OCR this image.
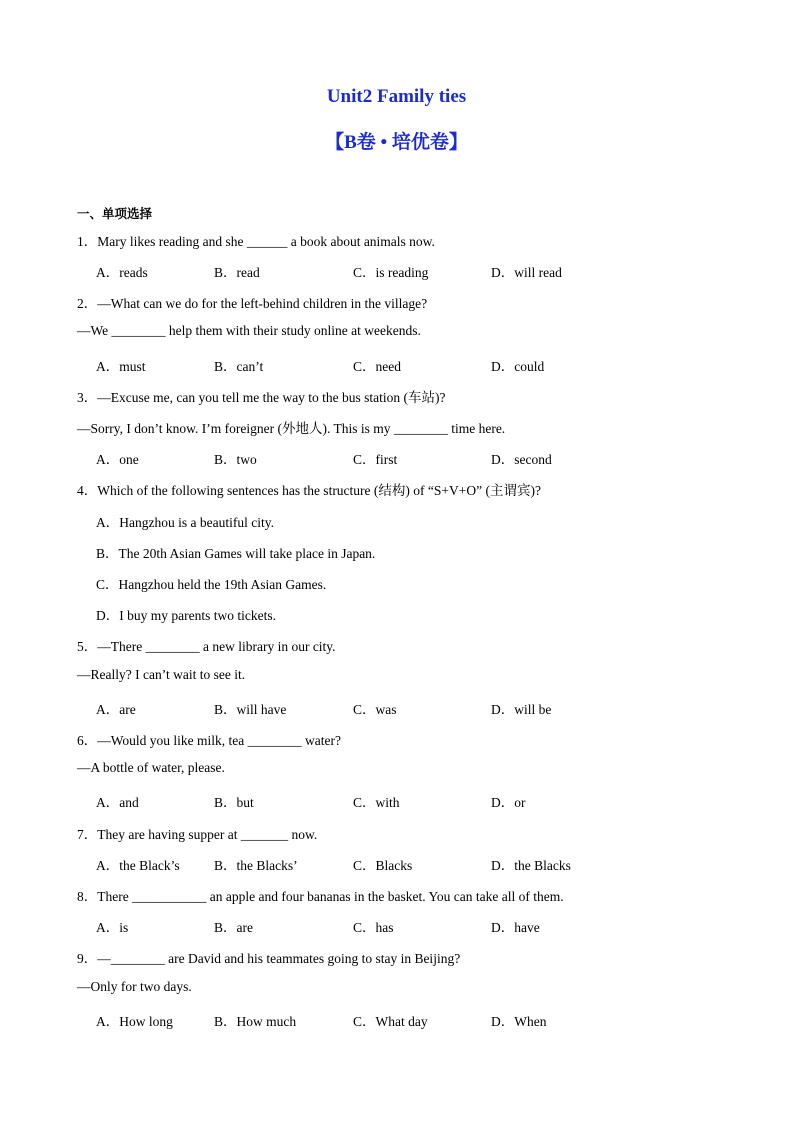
Unit2 Family ties
【B卷 • 培优卷】
一、单项选择
1．Mary likes reading and she ______ a book about animals now.
A．reads	B．read	C．is reading	D．will read
2．—What can we do for the left-behind children in the village?
—We ________ help them with their study online at weekends.
A．must	B．can’t	C．need	D．could
3．—Excuse me, can you tell me the way to the bus station (车站)?
—Sorry, I don’t know. I’m foreigner (外地人). This is my ________ time here.
A．one	B．two	C．first	D．second
4．Which of the following sentences has the structure (结构) of “S+V+O” (主谓宾)?
A．Hangzhou is a beautiful city.
B．The 20th Asian Games will take place in Japan.
C．Hangzhou held the 19th Asian Games.
D．I buy my parents two tickets.
5．—There ________ a new library in our city.
—Really? I can’t wait to see it.
A．are	B．will have	C．was	D．will be
6．—Would you like milk, tea ________ water?
—A bottle of water, please.
A．and	B．but	C．with	D．or
7．They are having supper at _______ now.
A．the Black’s	B．the Blacks’	C．Blacks	D．the Blacks
8．There ___________ an apple and four bananas in the basket. You can take all of them.
A．is	B．are	C．has	D．have
9．—________ are David and his teammates going to stay in Beijing?
—Only for two days.
A．How long	B．How much	C．What day	D．When
